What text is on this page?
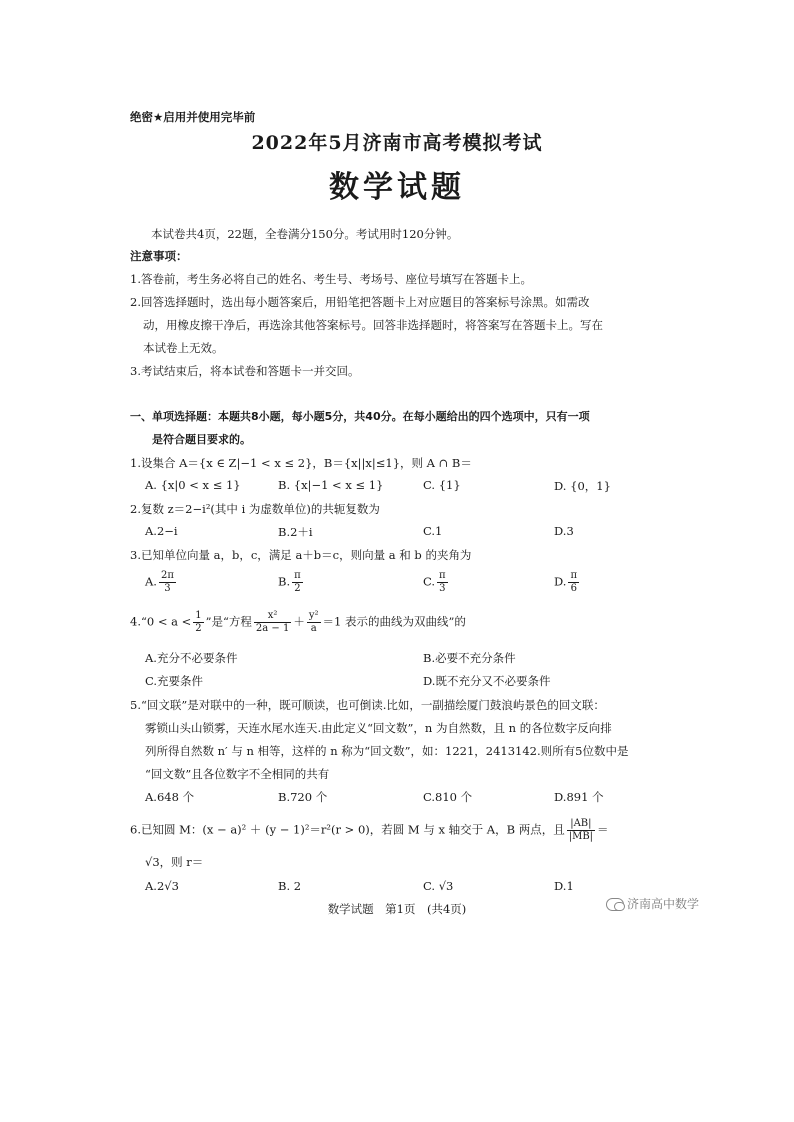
绝密★启用并使用完毕前
2022年5月济南市高考模拟考试
数学试题
本试卷共4页，22题，全卷满分150分。考试用时120分钟。
注意事项：
1.答卷前，考生务必将自己的姓名、考生号、考场号、座位号填写在答题卡上。
2.回答选择题时，选出每小题答案后，用铅笔把答题卡上对应题目的答案标号涂黑。如需改
动，用橡皮擦干净后，再选涂其他答案标号。回答非选择题时，将答案写在答题卡上。写在
本试卷上无效。
3.考试结束后，将本试卷和答题卡一并交回。
一、单项选择题：本题共8小题，每小题5分，共40分。在每小题给出的四个选项中，只有一项
是符合题目要求的。
1.设集合 A＝{x ∈ Z|−1 < x ≤ 2}，B＝{x||x|≤1}，则 A ∩ B＝
A. {x|0 < x ≤ 1}	B. {x|−1 < x ≤ 1}	C. {1}	D. {0，1}
2.复数 z＝2−i²(其中 i 为虚数单位)的共轭复数为
A.2−i	B.2＋i	C.1	D.3
3.已知单位向量 a，b，c，满足 a＋b＝c，则向量 a 和 b 的夹角为
A. $\frac{2\pi}{3}$	B. $\frac{\pi}{2}$	C. $\frac{\pi}{3}$	D. $\frac{\pi}{6}$
4.“0 < $a < \frac{1}{2}$ ”是“方程 $\frac{\text{x²}}{2a - 1} + \frac{\text{y²}}{a} =1$ 表示的曲线为双曲线”的
A.充分不必要条件	B.必要不充分条件
C.充要条件	D.既不充分又不必要条件
5.“回文联”是对联中的一种，既可顺读，也可倒读.比如，一副描绘厦门鼓浪屿景色的回文联：
雾锁山头山锁雾，天连水尾水连天.由此定义“回文数”，n 为自然数，且 n 的各位数字反向排
列所得自然数 n′ 与 n 相等，这样的 n 称为“回文数”，如：1221，2413142.则所有5位数中是
“回文数”且各位数字不全相同的共有
A.648 个	B.720 个	C.810 个	D.891 个
6.已知圆 M：(x − a)² ＋ (y − 1)²＝r²(r > 0)，若圆 M 与 x 轴交于 A，B 两点，且 $\frac{|AB|}{|MB|}$ ＝
√3，则 r＝
A.2√3	B. 2	C. √3	D.1
数学试题　第1页　(共4页)	济南高中数学
